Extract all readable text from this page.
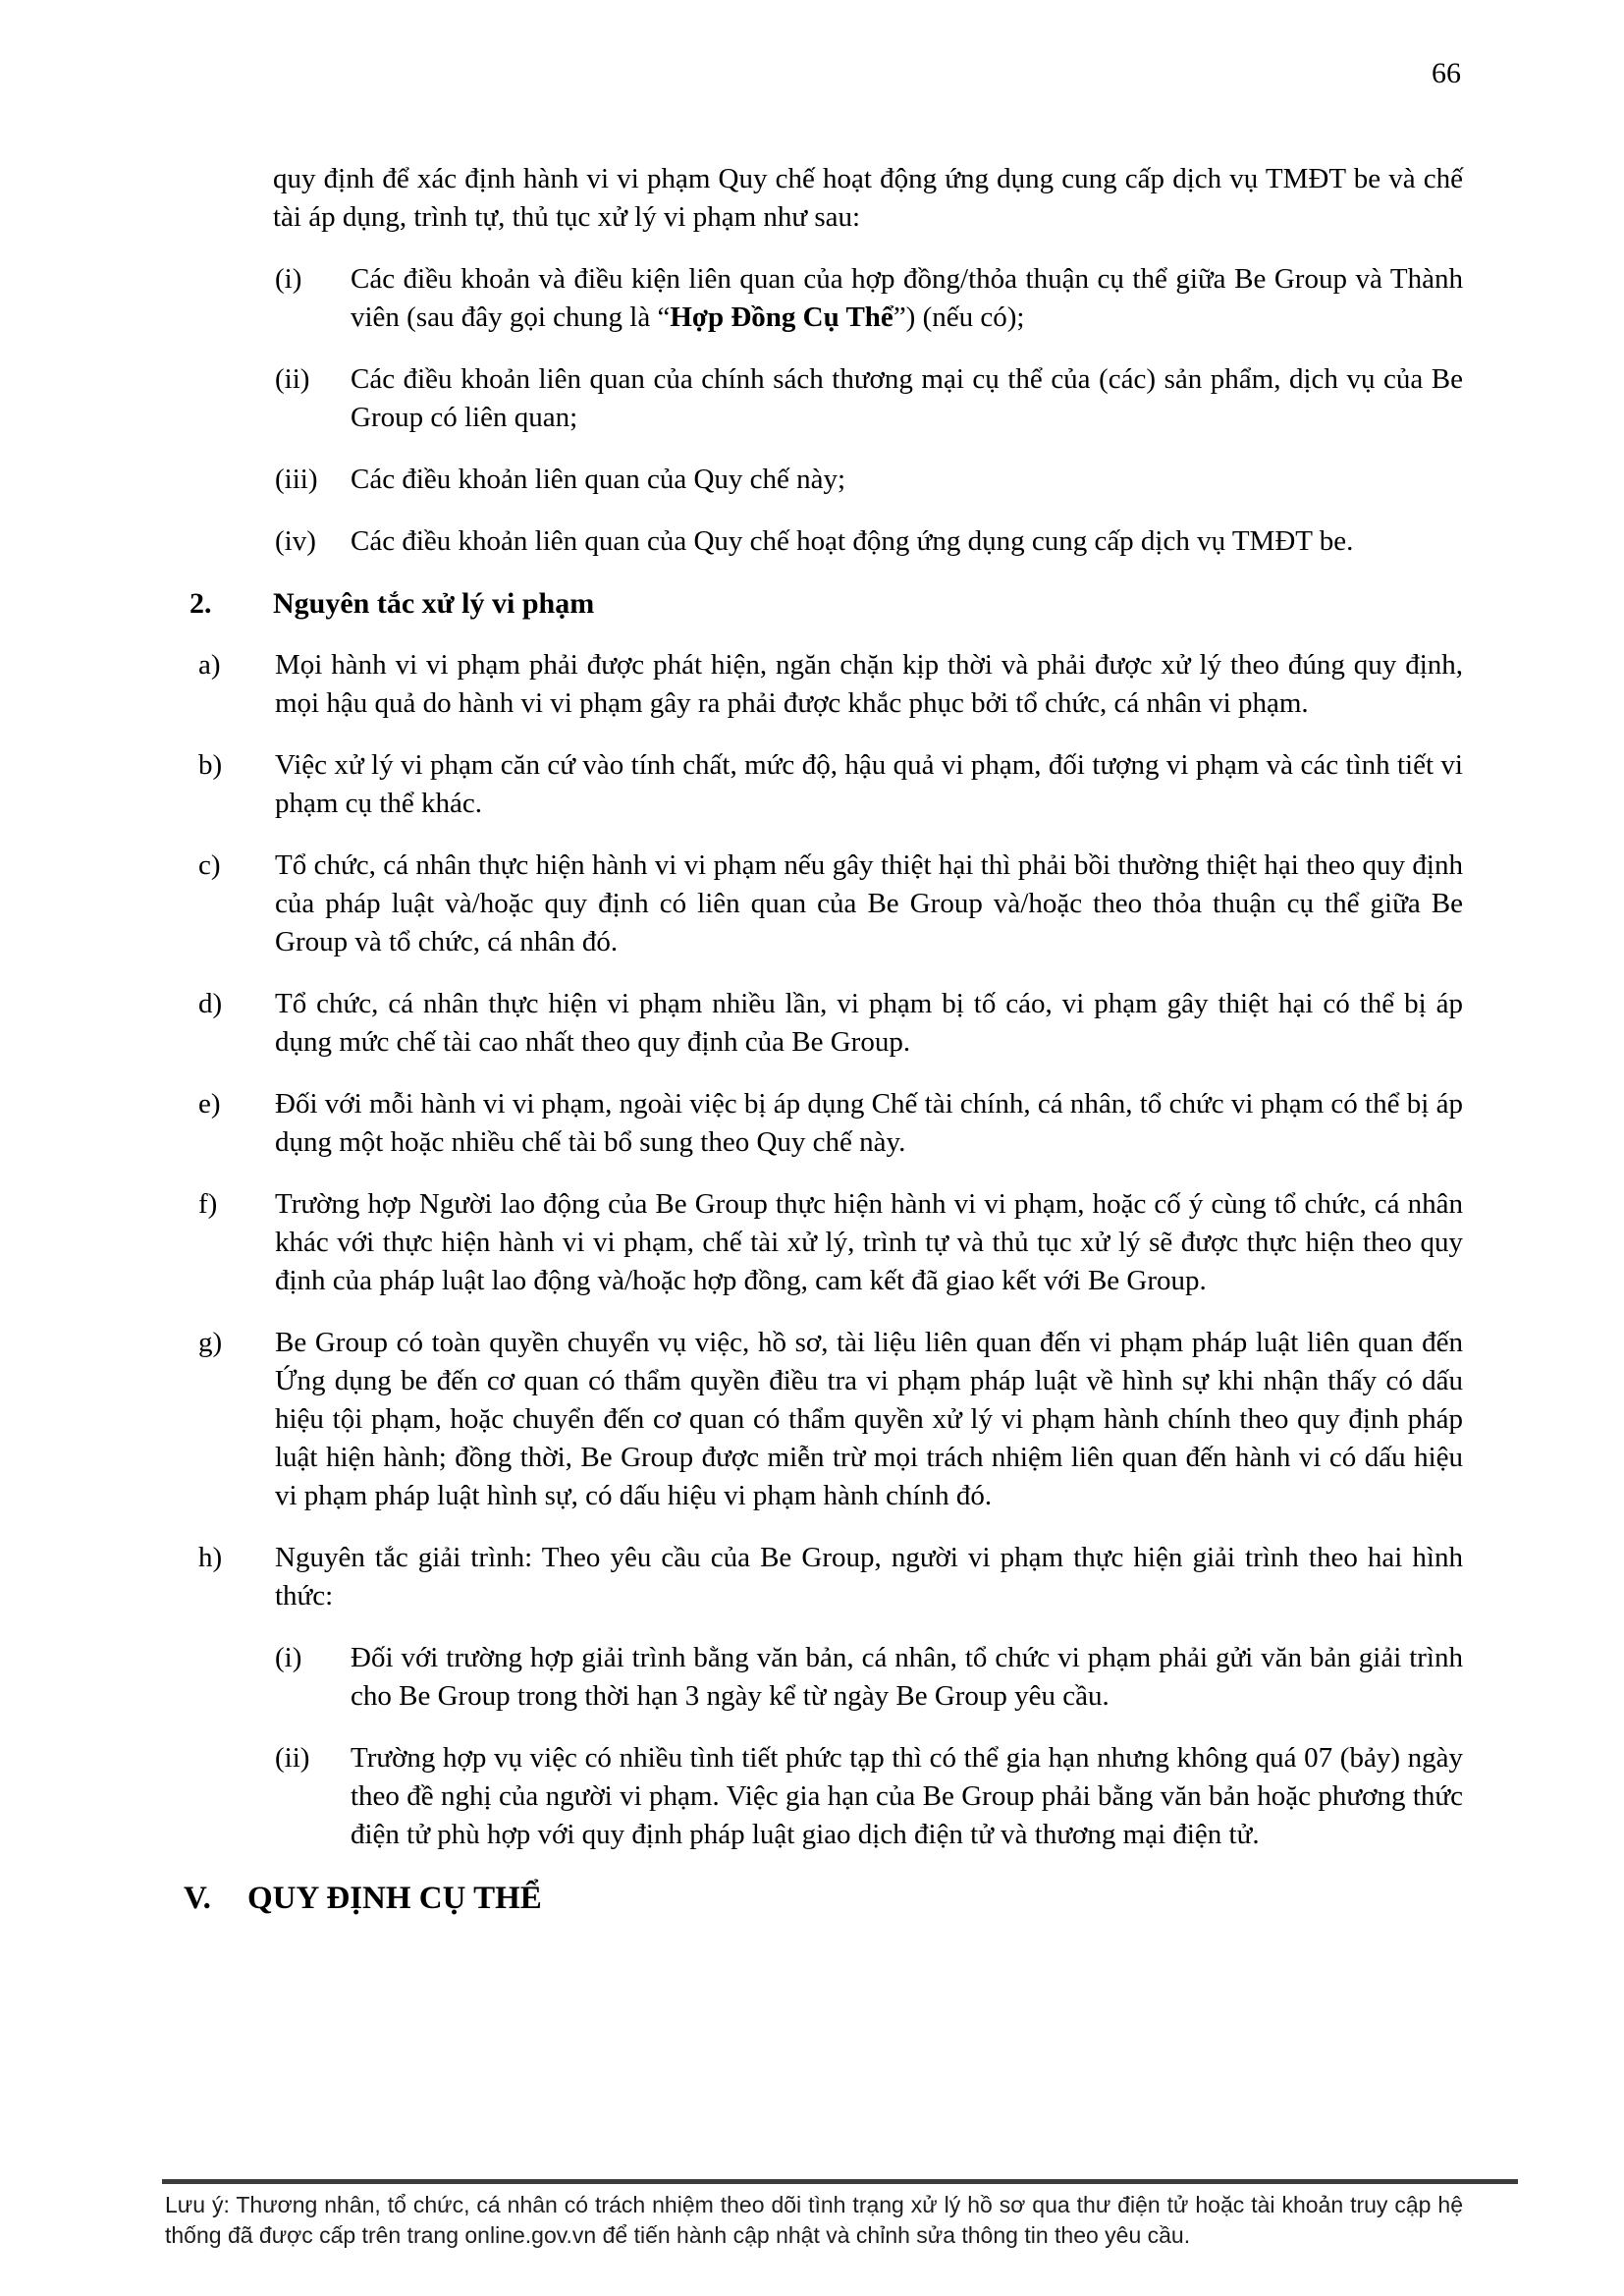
66

quy định để xác định hành vi vi phạm Quy chế hoạt động ứng dụng cung cấp dịch vụ TMĐT be và chế tài áp dụng, trình tự, thủ tục xử lý vi phạm như sau:

(i)	Các điều khoản và điều kiện liên quan của hợp đồng/thỏa thuận cụ thể giữa Be Group và Thành viên (sau đây gọi chung là “Hợp Đồng Cụ Thể”) (nếu có);
(ii)	Các điều khoản liên quan của chính sách thương mại cụ thể của (các) sản phẩm, dịch vụ của Be Group có liên quan;
(iii)	Các điều khoản liên quan của Quy chế này;
(iv)	Các điều khoản liên quan của Quy chế hoạt động ứng dụng cung cấp dịch vụ TMĐT be.
2.	Nguyên tắc xử lý vi phạm
a)	Mọi hành vi vi phạm phải được phát hiện, ngăn chặn kịp thời và phải được xử lý theo đúng quy định, mọi hậu quả do hành vi vi phạm gây ra phải được khắc phục bởi tổ chức, cá nhân vi phạm.
b)	Việc xử lý vi phạm căn cứ vào tính chất, mức độ, hậu quả vi phạm, đối tượng vi phạm và các tình tiết vi phạm cụ thể khác.
c)	Tổ chức, cá nhân thực hiện hành vi vi phạm nếu gây thiệt hại thì phải bồi thường thiệt hại theo quy định của pháp luật và/hoặc quy định có liên quan của Be Group và/hoặc theo thỏa thuận cụ thể giữa Be Group và tổ chức, cá nhân đó.
d)	Tổ chức, cá nhân thực hiện vi phạm nhiều lần, vi phạm bị tố cáo, vi phạm gây thiệt hại có thể bị áp dụng mức chế tài cao nhất theo quy định của Be Group.
e)	Đối với mỗi hành vi vi phạm, ngoài việc bị áp dụng Chế tài chính, cá nhân, tổ chức vi phạm có thể bị áp dụng một hoặc nhiều chế tài bổ sung theo Quy chế này.
f)	Trường hợp Người lao động của Be Group thực hiện hành vi vi phạm, hoặc cố ý cùng tổ chức, cá nhân khác với thực hiện hành vi vi phạm, chế tài xử lý, trình tự và thủ tục xử lý sẽ được thực hiện theo quy định của pháp luật lao động và/hoặc hợp đồng, cam kết đã giao kết với Be Group.
g)	Be Group có toàn quyền chuyển vụ việc, hồ sơ, tài liệu liên quan đến vi phạm pháp luật liên quan đến Ứng dụng be đến cơ quan có thẩm quyền điều tra vi phạm pháp luật về hình sự khi nhận thấy có dấu hiệu tội phạm, hoặc chuyển đến cơ quan có thẩm quyền xử lý vi phạm hành chính theo quy định pháp luật hiện hành; đồng thời, Be Group được miễn trừ mọi trách nhiệm liên quan đến hành vi có dấu hiệu vi phạm pháp luật hình sự, có dấu hiệu vi phạm hành chính đó.
h)	Nguyên tắc giải trình: Theo yêu cầu của Be Group, người vi phạm thực hiện giải trình theo hai hình thức:
(i)	Đối với trường hợp giải trình bằng văn bản, cá nhân, tổ chức vi phạm phải gửi văn bản giải trình cho Be Group trong thời hạn 3 ngày kể từ ngày Be Group yêu cầu.
(ii)	Trường hợp vụ việc có nhiều tình tiết phức tạp thì có thể gia hạn nhưng không quá 07 (bảy) ngày theo đề nghị của người vi phạm. Việc gia hạn của Be Group phải bằng văn bản hoặc phương thức điện tử phù hợp với quy định pháp luật giao dịch điện tử và thương mại điện tử.
V.	QUY ĐỊNH CỤ THỂ

Lưu ý: Thương nhân, tổ chức, cá nhân có trách nhiệm theo dõi tình trạng xử lý hồ sơ qua thư điện tử hoặc tài khoản truy cập hệ thống đã được cấp trên trang online.gov.vn để tiến hành cập nhật và chỉnh sửa thông tin theo yêu cầu.
